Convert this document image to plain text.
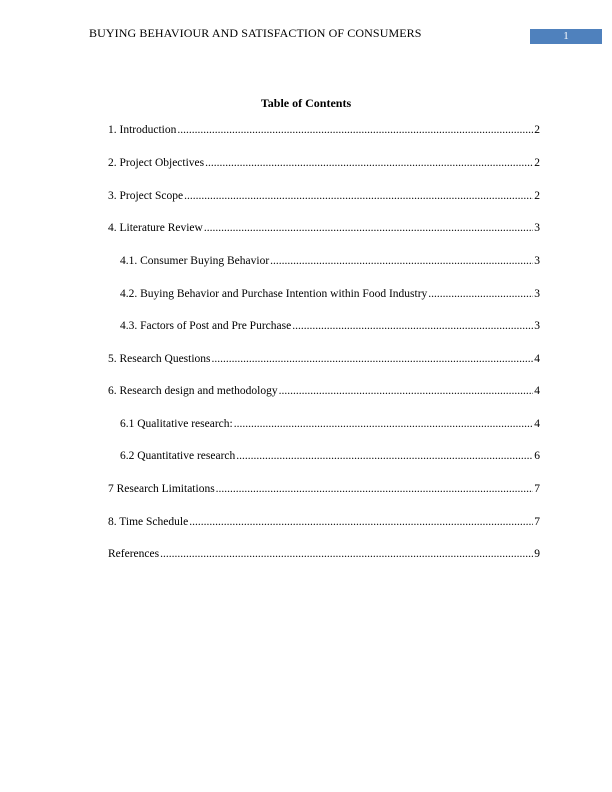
BUYING BEHAVIOUR AND SATISFACTION OF CONSUMERS	1
Table of Contents
1. Introduction .....	2
2. Project Objectives .....	2
3. Project Scope .....	2
4. Literature Review .....	3
4.1. Consumer Buying Behavior .....	3
4.2. Buying Behavior and Purchase Intention within Food Industry .....	3
4.3. Factors of Post and Pre Purchase .....	3
5. Research Questions .....	4
6. Research design and methodology .....	4
6.1 Qualitative research: .....	4
6.2 Quantitative research .....	6
7 Research Limitations .....	7
8. Time Schedule .....	7
References .....	9
